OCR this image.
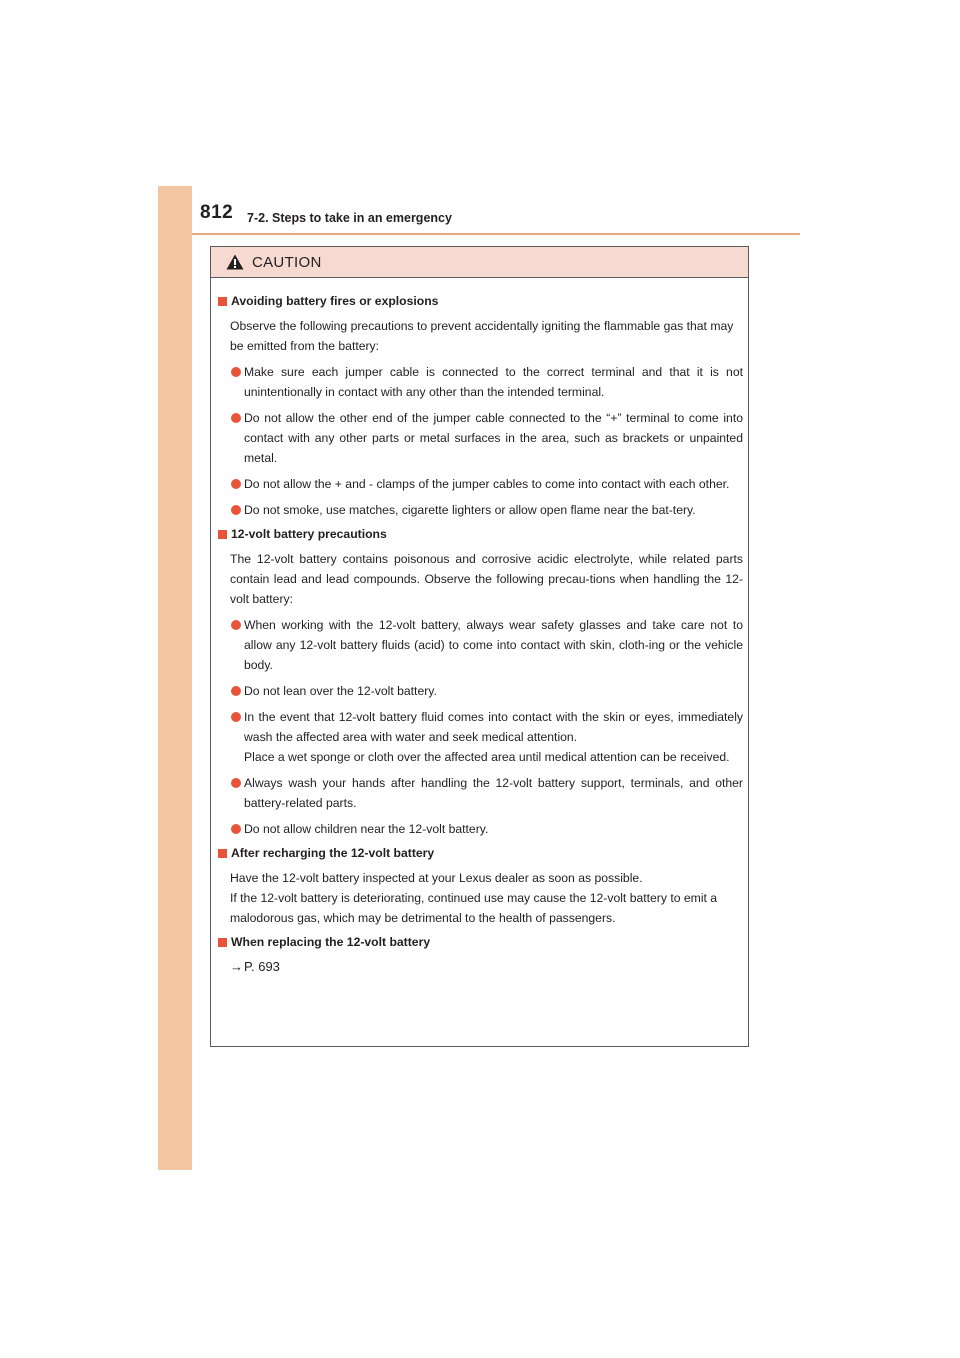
812 7-2. Steps to take in an emergency
CAUTION
Avoiding battery fires or explosions
Observe the following precautions to prevent accidentally igniting the flammable gas that may be emitted from the battery:
Make sure each jumper cable is connected to the correct terminal and that it is not unintentionally in contact with any other than the intended terminal.
Do not allow the other end of the jumper cable connected to the “+” terminal to come into contact with any other parts or metal surfaces in the area, such as brackets or unpainted metal.
Do not allow the + and - clamps of the jumper cables to come into contact with each other.
Do not smoke, use matches, cigarette lighters or allow open flame near the bat-tery.
12-volt battery precautions
The 12-volt battery contains poisonous and corrosive acidic electrolyte, while related parts contain lead and lead compounds. Observe the following precau-tions when handling the 12-volt battery:
When working with the 12-volt battery, always wear safety glasses and take care not to allow any 12-volt battery fluids (acid) to come into contact with skin, cloth-ing or the vehicle body.
Do not lean over the 12-volt battery.
In the event that 12-volt battery fluid comes into contact with the skin or eyes, immediately wash the affected area with water and seek medical attention.
Place a wet sponge or cloth over the affected area until medical attention can be received.
Always wash your hands after handling the 12-volt battery support, terminals, and other battery-related parts.
Do not allow children near the 12-volt battery.
After recharging the 12-volt battery
Have the 12-volt battery inspected at your Lexus dealer as soon as possible.
If the 12-volt battery is deteriorating, continued use may cause the 12-volt battery to emit a malodorous gas, which may be detrimental to the health of passengers.
When replacing the 12-volt battery
→P. 693
